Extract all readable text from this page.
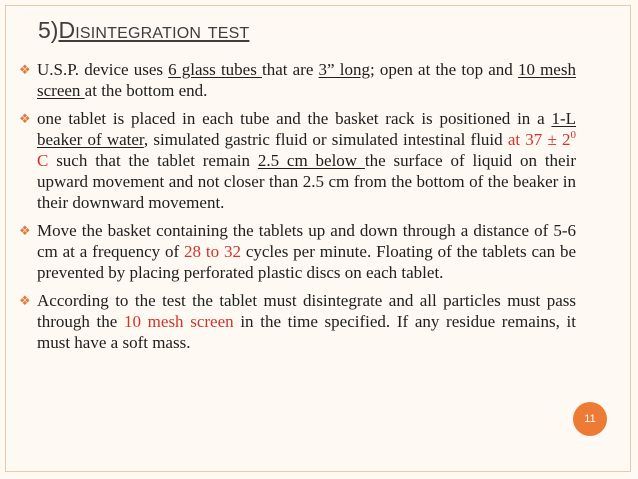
5)Disintegration test
❖ U.S.P. device uses 6 glass tubes that are 3” long; open at the top and 10 mesh screen at the bottom end.
❖ one tablet is placed in each tube and the basket rack is positioned in a 1-L beaker of water, simulated gastric fluid or simulated intestinal fluid at $37 \pm 2^0$ C such that the tablet remain 2.5 cm below the surface of liquid on their upward movement and not closer than 2.5 cm from the bottom of the beaker in their downward movement.
❖ Move the basket containing the tablets up and down through a distance of 5-6 cm at a frequency of 28 to 32 cycles per minute. Floating of the tablets can be prevented by placing perforated plastic discs on each tablet.
❖ According to the test the tablet must disintegrate and all particles must pass through the 10 mesh screen in the time specified. If any residue remains, it must have a soft mass.
11
